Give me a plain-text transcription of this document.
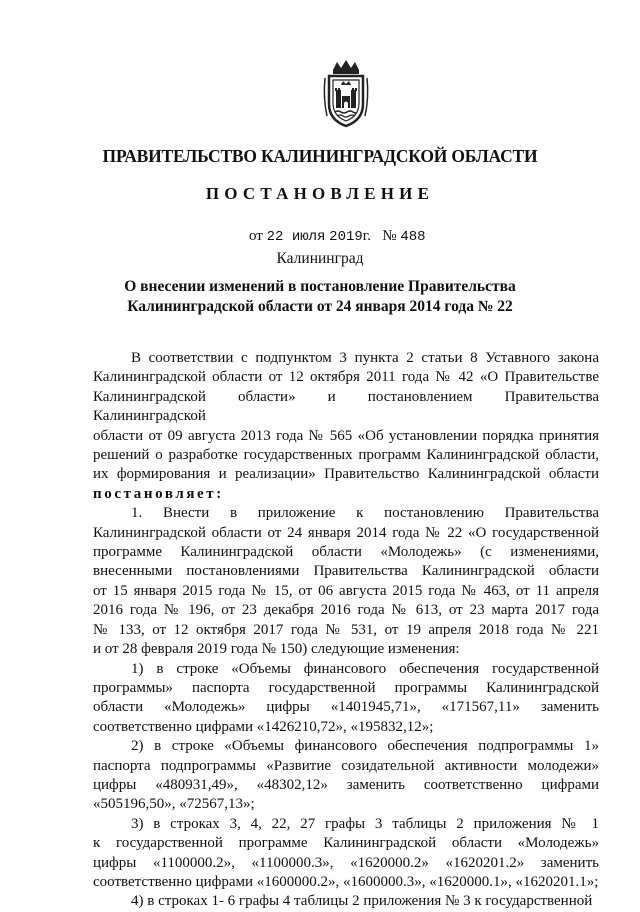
ПРАВИТЕЛЬСТВО КАЛИНИНГРАДСКОЙ ОБЛАСТИ
ПОСТАНОВЛЕНИЕ
от 22 июля 2019г. № 488
Калининград
О внесении изменений в постановление Правительства
Калининградской области от 24 января 2014 года № 22

В соответствии с подпунктом 3 пункта 2 статьи 8 Уставного закона
Калининградской области от 12 октября 2011 года № 42 «О Правительстве
Калининградской области» и постановлением Правительства Калининградской
области от 09 августа 2013 года № 565 «Об установлении порядка принятия
решений о разработке государственных программ Калининградской области,
их формирования и реализации» Правительство Калининградской области
постановляет:

1. Внести в приложение к постановлению Правительства
Калининградской области от 24 января 2014 года № 22 «О государственной
программе Калининградской области «Молодежь» (с изменениями,
внесенными постановлениями Правительства Калининградской области
от 15 января 2015 года № 15, от 06 августа 2015 года № 463, от 11 апреля
2016 года № 196, от 23 декабря 2016 года № 613, от 23 марта 2017 года
№ 133, от 12 октября 2017 года № 531, от 19 апреля 2018 года № 221
и от 28 февраля 2019 года № 150) следующие изменения:

1) в строке «Объемы финансового обеспечения государственной
программы» паспорта государственной программы Калининградской
области «Молодежь» цифры «1401945,71», «171567,11» заменить
соответственно цифрами «1426210,72», «195832,12»;

2) в строке «Объемы финансового обеспечения подпрограммы 1»
паспорта подпрограммы «Развитие созидательной активности молодежи»
цифры «480931,49», «48302,12» заменить соответственно цифрами
«505196,50», «72567,13»;

3) в строках 3, 4, 22, 27 графы 3 таблицы 2 приложения № 1
к государственной программе Калининградской области «Молодежь»
цифры «1100000.2», «1100000.3», «1620000.2» «1620201.2» заменить
соответственно цифрами «1600000.2», «1600000.3», «1620000.1», «1620201.1»;

4) в строках 1- 6 графы 4 таблицы 2 приложения № 3 к государственной
